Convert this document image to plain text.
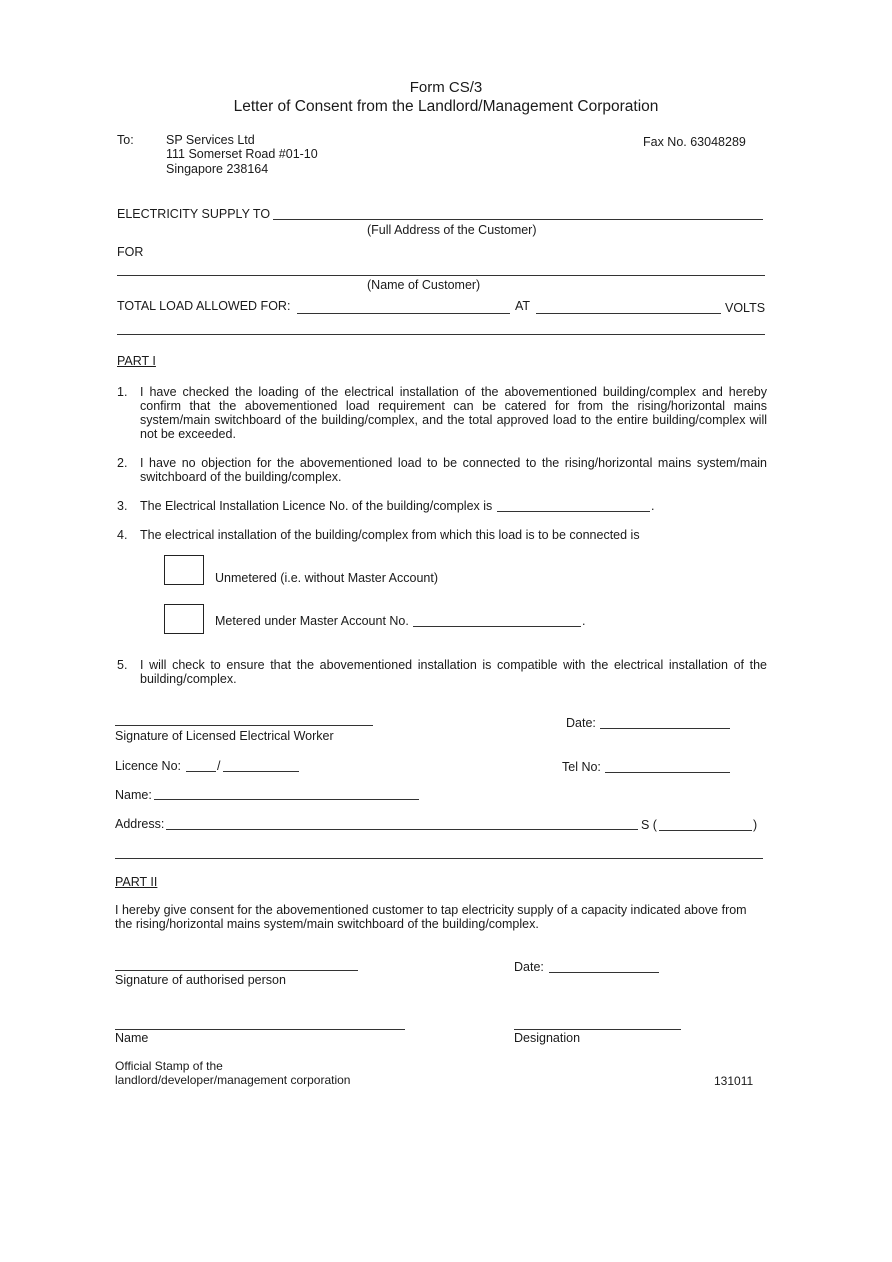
Form CS/3
Letter of Consent from the Landlord/Management Corporation
To:	SP Services Ltd
111 Somerset Road #01-10
Singapore 238164
Fax No. 63048289
ELECTRICITY SUPPLY TO
(Full Address of the Customer)
FOR
(Name of Customer)
TOTAL LOAD ALLOWED FOR:	AT	VOLTS
PART I
1. I have checked the loading of the electrical installation of the abovementioned building/complex and hereby confirm that the abovementioned load requirement can be catered for from the rising/horizontal mains system/main switchboard of the building/complex, and the total approved load to the entire building/complex will not be exceeded.
2. I have no objection for the abovementioned load to be connected to the rising/horizontal mains system/main switchboard of the building/complex.
3. The Electrical Installation Licence No. of the building/complex is	.
4. The electrical installation of the building/complex from which this load is to be connected is
Unmetered (i.e. without Master Account)
Metered under Master Account No.	.
5. I will check to ensure that the abovementioned installation is compatible with the electrical installation of the building/complex.
Signature of Licensed Electrical Worker
Date:
Licence No:	/	Tel No:
Name:
Address:	S (	)
PART II
I hereby give consent for the abovementioned customer to tap electricity supply of a capacity indicated above from the rising/horizontal mains system/main switchboard of the building/complex.
Signature of authorised person
Date:
Name	Designation
Official Stamp of the
landlord/developer/management corporation	131011
